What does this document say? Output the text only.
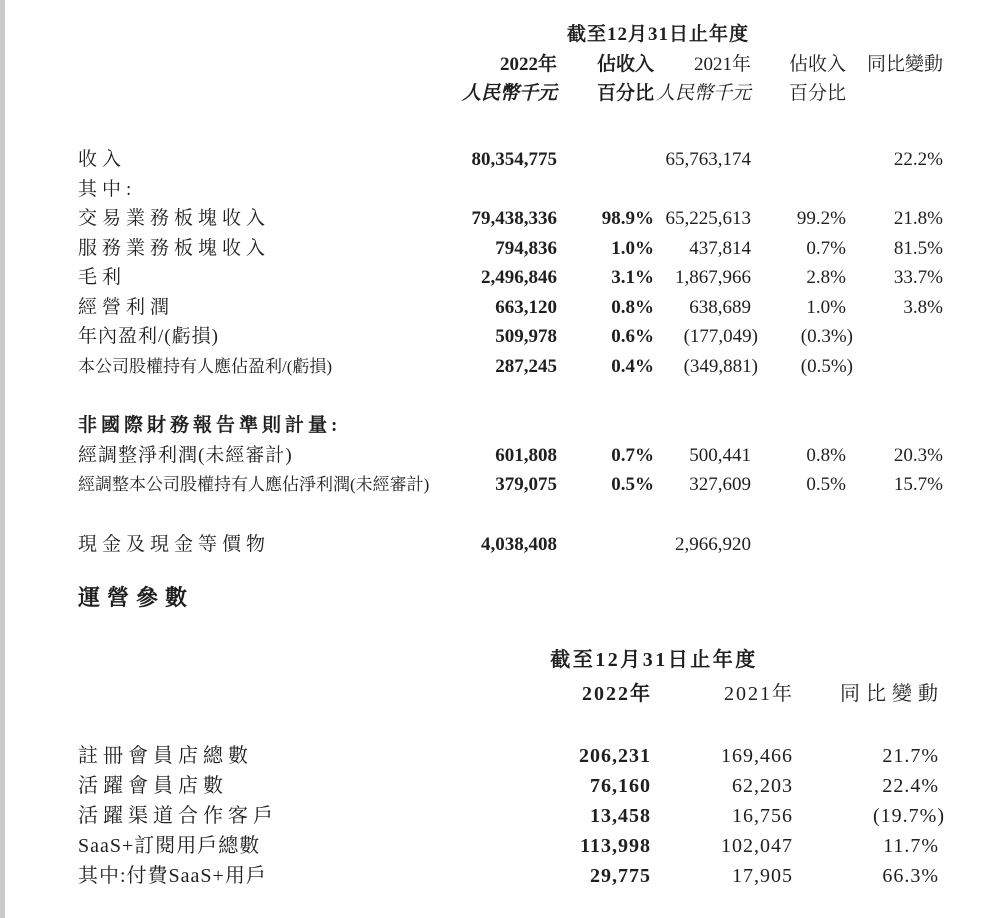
截至12月31日止年度
2022年	佔收入	2021年	佔收入	同比變動
人民幣千元	百分比 人民幣千元	百分比
收入	80,354,775	65,763,174	22.2%
其中:
交易業務板塊收入	79,438,336	98.9% 65,225,613	99.2%	21.8%
服務業務板塊收入	794,836	1.0%	437,814	0.7%	81.5%
毛利	2,496,846	3.1%	1,867,966	2.8%	33.7%
經營利潤	663,120	0.8%	638,689	1.0%	3.8%
年內盈利/(虧損)	509,978	0.6%	(177,049)	(0.3%)
本公司股權持有人應佔盈利/(虧損)	287,245	0.4%	(349,881)	(0.5%)
非國際財務報告準則計量:
經調整淨利潤(未經審計)	601,808	0.7%	500,441	0.8%	20.3%
經調整本公司股權持有人應佔淨利潤(未經審計)	379,075	0.5%	327,609	0.5%	15.7%
現金及現金等價物	4,038,408	2,966,920
運營參數
截至12月31日止年度
2022年	2021年	同比變動
註冊會員店總數	206,231	169,466	21.7%
活躍會員店數	76,160	62,203	22.4%
活躍渠道合作客戶	13,458	16,756	(19.7%)
SaaS+訂閱用戶總數	113,998	102,047	11.7%
其中:付費SaaS+用戶	29,775	17,905	66.3%
